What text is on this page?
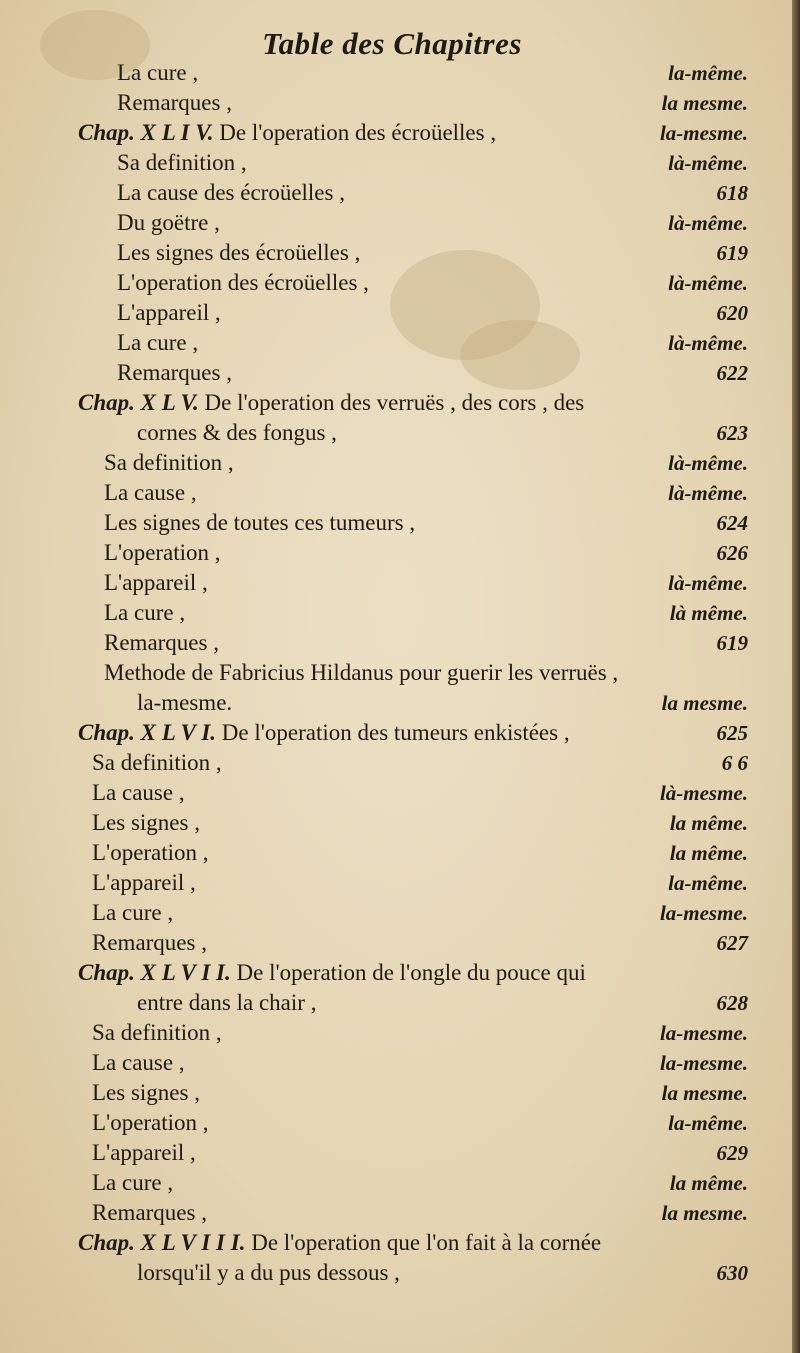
Table des Chapitres
La cure ,	la-même.
Remarques ,	la mesme.
Chap. X L I V. De l'operation des écroüelles ,	la-mesme.
Sa definition ,	là-même.
La cause des écroüelles ,	618
Du goëtre ,	là-même.
Les signes des écroüelles ,	619
L'operation des écroüelles ,	là-même.
L'appareil ,	620
La cure ,	là-même.
Remarques ,	622
Chap. X L V. De l'operation des verruës , des cors , des
cornes & des fongus ,	623
Sa definition ,	là-même.
La cause ,	là-même.
Les signes de toutes ces tumeurs ,	624
L'operation ,	626
L'appareil ,	là-même.
La cure ,	là même.
Remarques ,	619
Methode de Fabricius Hildanus pour guerir les verruës ,
la-mesme.	la mesme.
Chap. X L V I. De l'operation des tumeurs enkistées ,	625
Sa definition ,	6 6
La cause ,	là-mesme.
Les signes ,	la même.
L'operation ,	la même.
L'appareil ,	la-même.
La cure ,	la-mesme.
Remarques ,	627
Chap. X L V I I. De l'operation de l'ongle du pouce qui
entre dans la chair ,	628
Sa definition ,	la-mesme.
La cause ,	la-mesme.
Les signes ,	la mesme.
L'operation ,	la-même.
L'appareil ,	629
La cure ,	la même.
Remarques ,	la mesme.
Chap. X L V I I I. De l'operation que l'on fait à la cornée
lorsqu'il y a du pus dessous ,	630
